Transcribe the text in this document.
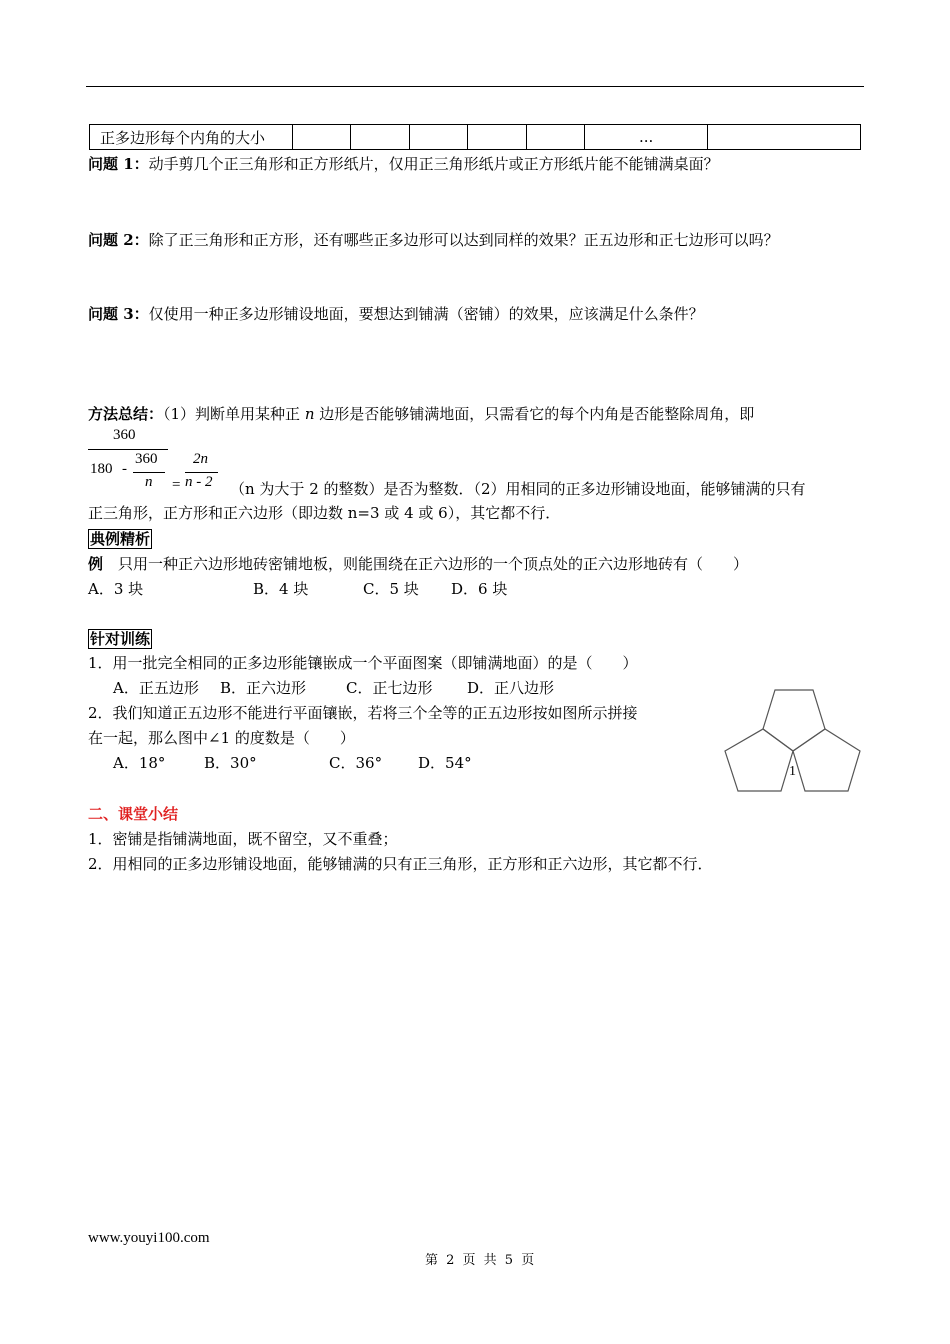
正多边形每个内角的大小						...	
问题 1：动手剪几个正三角形和正方形纸片，仅用正三角形纸片或正方形纸片能不能铺满桌面？
问题 2：除了正三角形和正方形，还有哪些正多边形可以达到同样的效果？正五边形和正七边形可以吗？
问题 3：仅使用一种正多边形铺设地面，要想达到铺满（密铺）的效果，应该满足什么条件？
方法总结：（1）判断单用某种正 n 边形是否能够铺满地面，只需看它的每个内角是否能整除周角，即
360
180 -
360
n =
2n
n - 2 （n 为大于 2 的整数）是否为整数．（2）用相同的正多边形铺设地面，能够铺满的只有
正三角形，正方形和正六边形（即边数 n=3 或 4 或 6），其它都不行．
典例精析
例　只用一种正六边形地砖密铺地板，则能围绕在正六边形的一个顶点处的正六边形地砖有（　　）
A．3 块	B．4 块	C．5 块 D．6 块
针对训练
1．用一批完全相同的正多边形能镶嵌成一个平面图案（即铺满地面）的是（　　）
A．正五边形 B．正六边形	C．正七边形 D．正八边形
2．我们知道正五边形不能进行平面镶嵌，若将三个全等的正五边形按如图所示拼接
在一起，那么图中∠1 的度数是（　　）
A．18°	B．30°	C．36° D．54°	1
二、课堂小结
1．密铺是指铺满地面，既不留空，又不重叠；
2．用相同的正多边形铺设地面，能够铺满的只有正三角形，正方形和正六边形，其它都不行．
www.youyi100.com
第 2 页 共 5 页
